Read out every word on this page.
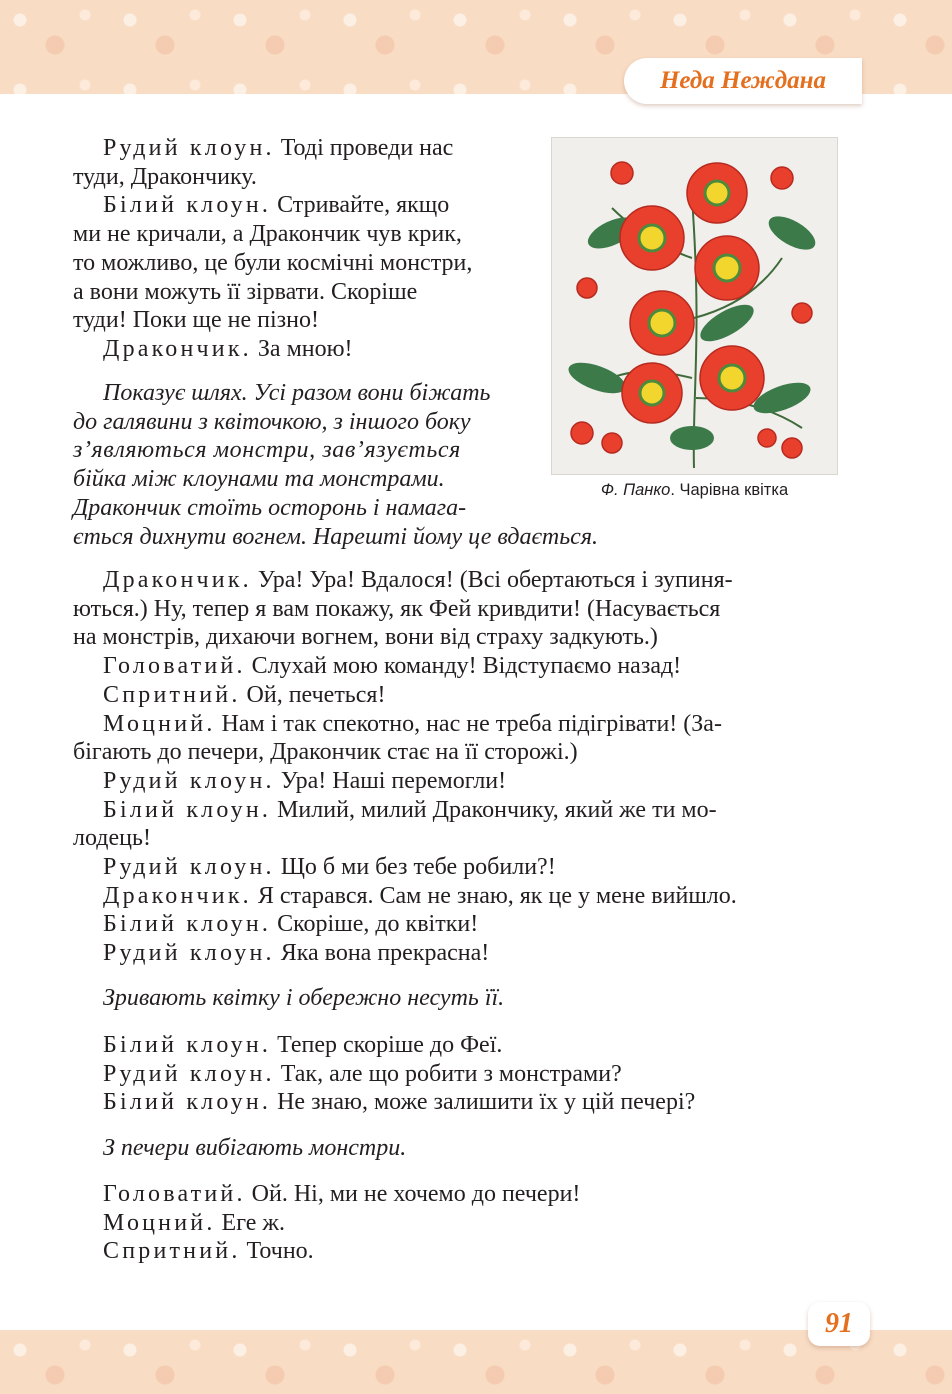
Неда Неждана

Рудий клоун. Тоді проведи нас

туди, Дракончику.

Білий клоун. Стривайте, якщо

ми не кричали, а Дракончик чув крик,

то можливо, це були космічні монстри,

а вони можуть її зірвати. Скоріше

туди! Поки ще не пізно!

Дракончик. За мною!

Показує шлях. Усі разом вони біжать
до галявини з квіточкою, з іншого боку
з’являються монстри, зав’язується
бійка між клоунами та монстрами.
Дракончик стоїть осторонь і намага-
ється дихнути вогнем. Нарешті йому це вдається.
Ф. Панко. Чарівна квітка

Дракончик. Ура! Ура! Вдалося! (Всі обертаються і зупиня-

ються.) Ну, тепер я вам покажу, як Фей кривдити! (Насувається

на монстрів, дихаючи вогнем, вони від страху задкують.)

Головатий. Слухай мою команду! Відступаємо назад!

Спритний. Ой, печеться!

Моцний. Нам і так спекотно, нас не треба підігрівати! (За-

бігають до печери, Дракончик стає на її сторожі.)

Рудий клоун. Ура! Наші перемогли!

Білий клоун. Милий, милий Дракончику, який же ти мо-

лодець!

Рудий клоун. Що б ми без тебе робили?!

Дракончик. Я старався. Сам не знаю, як це у мене вийшло.

Білий клоун. Скоріше, до квітки!

Рудий клоун. Яка вона прекрасна!

Зривають квітку і обережно несуть її.

Білий клоун. Тепер скоріше до Феї.

Рудий клоун. Так, але що робити з монстрами?

Білий клоун. Не знаю, може залишити їх у цій печері?

З печери вибігають монстри.

Головатий. Ой. Ні, ми не хочемо до печери!

Моцний. Еге ж.

Спритний. Точно.

91
